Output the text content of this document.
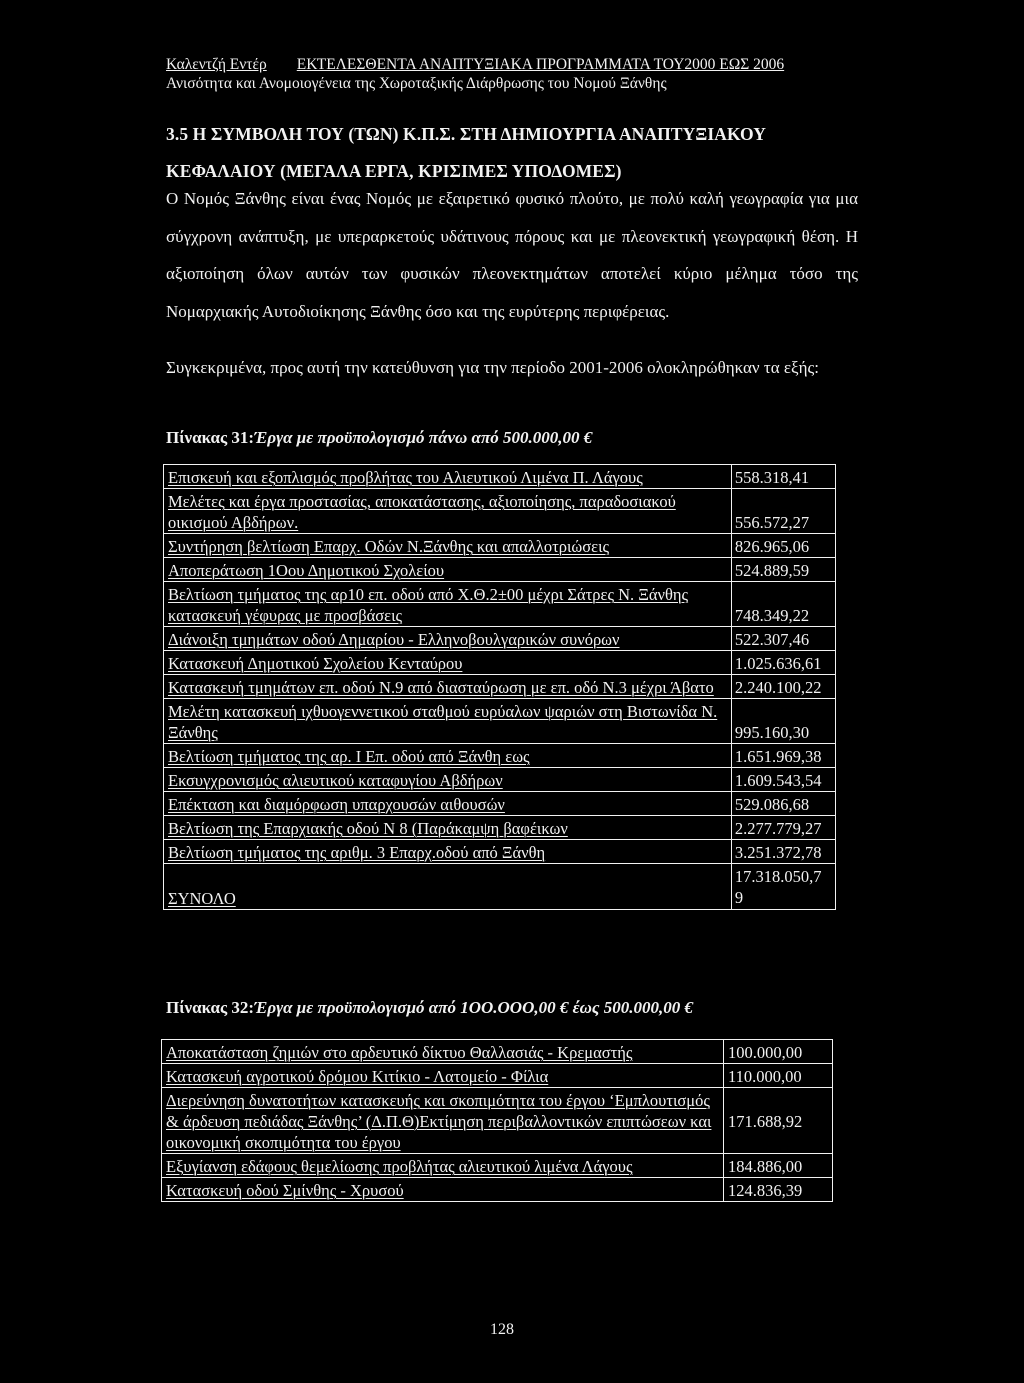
Καλεντζή Εντέρ ΕΚΤΕΛΕΣΘΕΝΤΑ ΑΝΑΠΤΥΞΙΑΚΑ ΠΡΟΓΡΑΜΜΑΤΑ ΤΟΥ2000 ΕΩΣ 2006
Ανισότητα και Ανομοιογένεια της Χωροταξικής Διάρθρωσης του Νομού Ξάνθης
3.5 Η ΣΥΜΒΟΛΗ ΤΟΥ (ΤΩΝ) Κ.Π.Σ. ΣΤΗ ΔΗΜΙΟΥΡΓΙΑ ΑΝΑΠΤΥΞΙΑΚΟΥ ΚΕΦΑΛΑΙΟΥ (ΜΕΓΑΛΑ ΕΡΓΑ, ΚΡΙΣΙΜΕΣ ΥΠΟΔΟΜΕΣ)
Ο Νομός Ξάνθης είναι ένας Νομός με εξαιρετικό φυσικό πλούτο, με πολύ καλή γεωγραφία για μια σύγχρονη ανάπτυξη, με υπεραρκετούς υδάτινους πόρους και με πλεονεκτική γεωγραφική θέση. Η αξιοποίηση όλων αυτών των φυσικών πλεονεκτημάτων αποτελεί κύριο μέλημα τόσο της Νομαρχιακής Αυτοδιοίκησης Ξάνθης όσο και της ευρύτερης περιφέρειας.
Συγκεκριμένα, προς αυτή την κατεύθυνση για την περίοδο 2001-2006 ολοκληρώθηκαν τα εξής:
Πίνακας 31:Έργα με προϋπολογισμό πάνω από 500.000,00 €
Επισκευή και εξοπλισμός προβλήτας του Αλιευτικού Λιμένα Π. Λάγους	558.318,41
Μελέτες και έργα προστασίας, αποκατάστασης, αξιοποίησης, παραδοσιακού οικισμού Αβδήρων.	556.572,27
Συντήρηση βελτίωση Επαρχ. Οδών Ν.Ξάνθης και απαλλοτριώσεις	826.965,06
Αποπεράτωση 1Οου Δημοτικού Σχολείου	524.889,59
Βελτίωση τμήματος της αρ10 επ. οδού από Χ.Θ.2±00 μέχρι Σάτρες Ν. Ξάνθης κατασκευή γέφυρας με προσβάσεις	748.349,22
Διάνοιξη τμημάτων οδού Δημαρίου - Ελληνοβουλγαρικών συνόρων	522.307,46
Κατασκευή Δημοτικού Σχολείου Κενταύρου	1.025.636,61
Κατασκευή τμημάτων επ. οδού Ν.9 από διασταύρωση με επ. οδό Ν.3 μέχρι Άβατο	2.240.100,22
Μελέτη κατασκευή ιχθυογεννετικού σταθμού ευρύαλων ψαριών στη Βιστωνίδα Ν. Ξάνθης	995.160,30
Βελτίωση τμήματος της αρ. I Επ. οδού από Ξάνθη εως	1.651.969,38
Εκσυγχρονισμός αλιευτικού καταφυγίου Αβδήρων	1.609.543,54
Επέκταση και διαμόρφωση υπαρχουσών αιθουσών	529.086,68
Βελτίωση της Επαρχιακής οδού Ν 8 (Παράκαμψη βαφέικων	2.277.779,27
Βελτίωση τμήματος της αριθμ. 3 Επαρχ.οδού από Ξάνθη	3.251.372,78
ΣΥΝΟΛΟ	17.318.050,7 9
Πίνακας 32:Έργα με προϋπολογισμό από 1ΟΟ.ΟΟΟ,00 € έως 500.000,00 €
Αποκατάσταση ζημιών στο αρδευτικό δίκτυο Θαλλασιάς - Κρεμαστής	100.000,00
Κατασκευή αγροτικού δρόμου Κιτίκιο - Λατομείο - Φίλια	110.000,00
Διερεύνηση δυνατοτήτων κατασκευής και σκοπιμότητα του έργου ‘Εμπλουτισμός & άρδευση πεδιάδας Ξάνθης’ (Δ.Π.Θ)Εκτίμηση περιβαλλοντικών επιπτώσεων και οικονομική σκοπιμότητα του έργου	171.688,92
Εξυγίανση εδάφους θεμελίωσης προβλήτας αλιευτικού λιμένα Λάγους	184.886,00
Κατασκευή οδού Σμίνθης - Χρυσού	124.836,39
128
